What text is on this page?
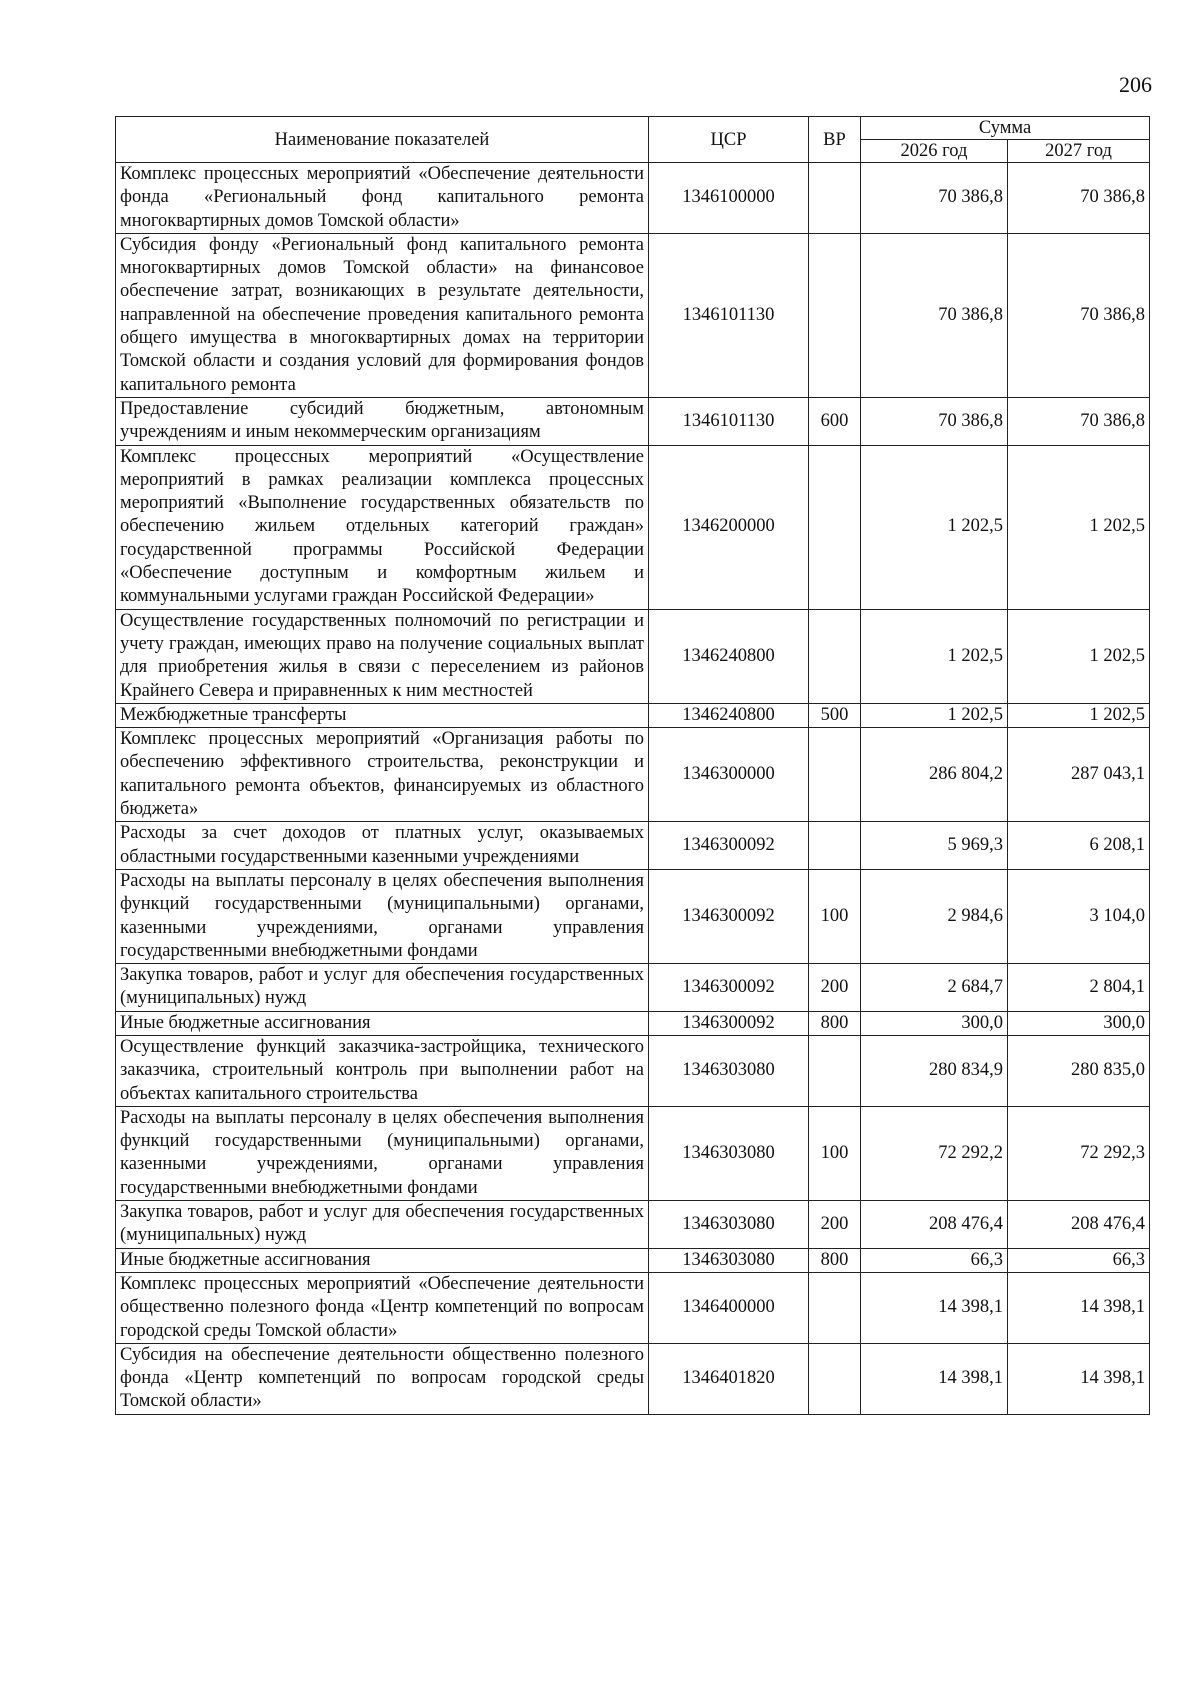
206
Наименование показателей	ЦСР	ВР	Сумма	
			2026 год	2027 год
Комплекс процессных мероприятий «Обеспечение деятельности фонда «Региональный фонд капитального ремонта многоквартирных домов Томской области»	1346100000		70 386,8	70 386,8
Субсидия фонду «Региональный фонд капитального ремонта многоквартирных домов Томской области» на финансовое обеспечение затрат, возникающих в результате деятельности, направленной на обеспечение проведения капитального ремонта общего имущества в многоквартирных домах на территории Томской области и создания условий для формирования фондов капитального ремонта	1346101130		70 386,8	70 386,8
Предоставление субсидий бюджетным, автономным учреждениям и иным некоммерческим организациям	1346101130	600	70 386,8	70 386,8
Комплекс процессных мероприятий «Осуществление мероприятий в рамках реализации комплекса процессных мероприятий «Выполнение государственных обязательств по обеспечению жильем отдельных категорий граждан» государственной программы Российской Федерации «Обеспечение доступным и комфортным жильем и коммунальными услугами граждан Российской Федерации»	1346200000		1 202,5	1 202,5
Осуществление государственных полномочий по регистрации и учету граждан, имеющих право на получение социальных выплат для приобретения жилья в связи с переселением из районов Крайнего Севера и приравненных к ним местностей	1346240800		1 202,5	1 202,5
Межбюджетные трансферты	1346240800	500	1 202,5	1 202,5
Комплекс процессных мероприятий «Организация работы по обеспечению эффективного строительства, реконструкции и капитального ремонта объектов, финансируемых из областного бюджета»	1346300000		286 804,2	287 043,1
Расходы за счет доходов от платных услуг, оказываемых областными государственными казенными учреждениями	1346300092		5 969,3	6 208,1
Расходы на выплаты персоналу в целях обеспечения выполнения функций государственными (муниципальными) органами, казенными учреждениями, органами управления государственными внебюджетными фондами	1346300092	100	2 984,6	3 104,0
Закупка товаров, работ и услуг для обеспечения государственных (муниципальных) нужд	1346300092	200	2 684,7	2 804,1
Иные бюджетные ассигнования	1346300092	800	300,0	300,0
Осуществление функций заказчика-застройщика, технического заказчика, строительный контроль при выполнении работ на объектах капитального строительства	1346303080		280 834,9	280 835,0
Расходы на выплаты персоналу в целях обеспечения выполнения функций государственными (муниципальными) органами, казенными учреждениями, органами управления государственными внебюджетными фондами	1346303080	100	72 292,2	72 292,3
Закупка товаров, работ и услуг для обеспечения государственных (муниципальных) нужд	1346303080	200	208 476,4	208 476,4
Иные бюджетные ассигнования	1346303080	800	66,3	66,3
Комплекс процессных мероприятий «Обеспечение деятельности общественно полезного фонда «Центр компетенций по вопросам городской среды Томской области»	1346400000		14 398,1	14 398,1
Субсидия на обеспечение деятельности общественно полезного фонда «Центр компетенций по вопросам городской среды Томской области»	1346401820		14 398,1	14 398,1
